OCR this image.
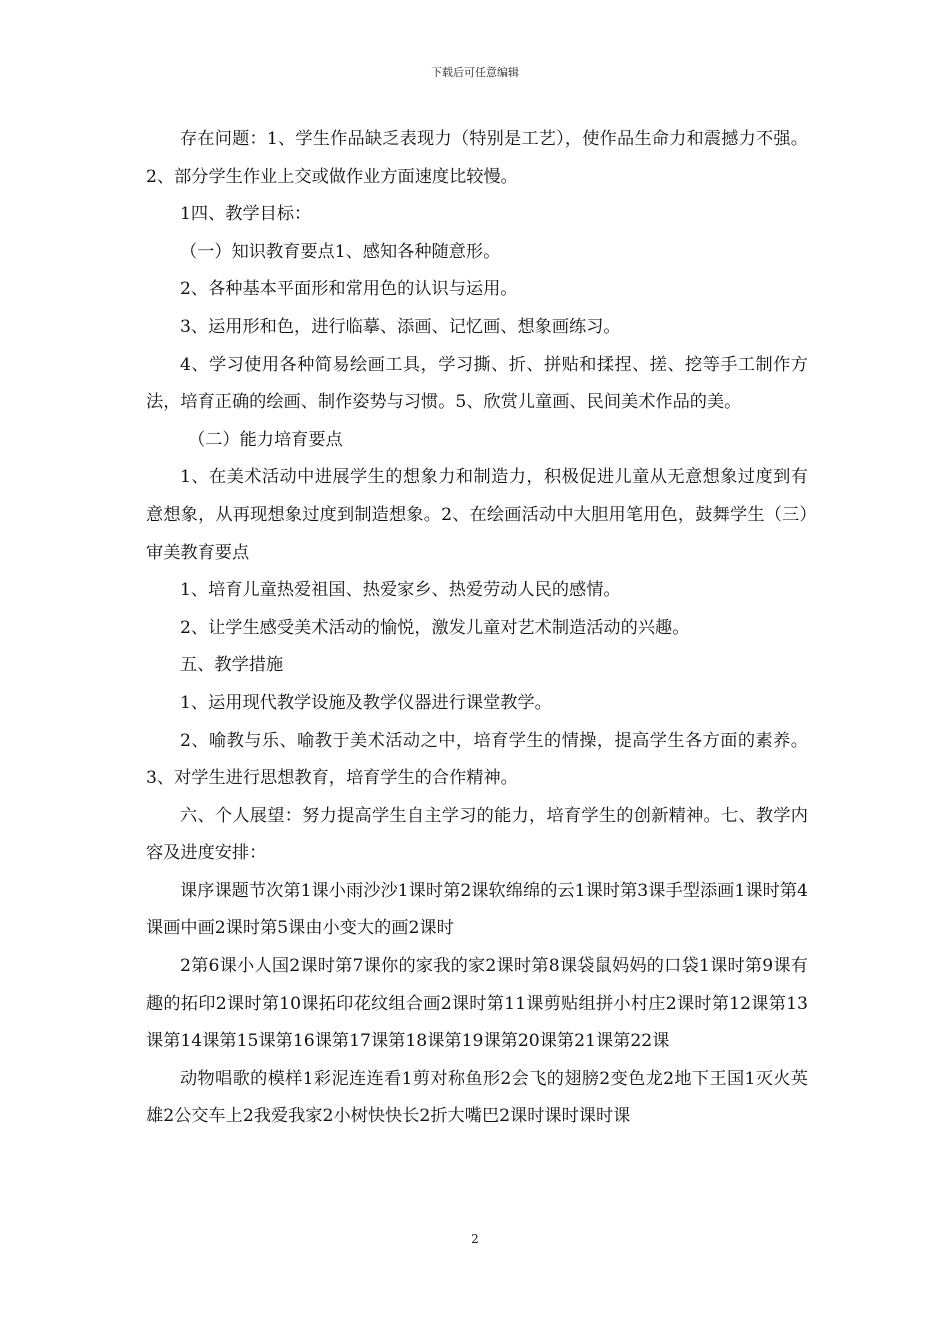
下载后可任意编辑

存在问题：1、学生作品缺乏表现力（特别是工艺），使作品生命力和震撼力不强。2、部分学生作业上交或做作业方面速度比较慢。

1四、教学目标：

（一）知识教育要点1、感知各种随意形。

2、各种基本平面形和常用色的认识与运用。

3、运用形和色，进行临摹、添画、记忆画、想象画练习。

4、学习使用各种简易绘画工具，学习撕、折、拼贴和揉捏、搓、挖等手工制作方法，培育正确的绘画、制作姿势与习惯。5、欣赏儿童画、民间美术作品的美。

（二）能力培育要点

1、在美术活动中进展学生的想象力和制造力，积极促进儿童从无意想象过度到有意想象，从再现想象过度到制造想象。2、在绘画活动中大胆用笔用色，鼓舞学生（三）审美教育要点

1、培育儿童热爱祖国、热爱家乡、热爱劳动人民的感情。

2、让学生感受美术活动的愉悦，激发儿童对艺术制造活动的兴趣。

五、教学措施

1、运用现代教学设施及教学仪器进行课堂教学。

2、喻教与乐、喻教于美术活动之中，培育学生的情操，提高学生各方面的素养。3、对学生进行思想教育，培育学生的合作精神。

六、个人展望：努力提高学生自主学习的能力，培育学生的创新精神。七、教学内容及进度安排：

课序课题节次第1课小雨沙沙1课时第2课软绵绵的云1课时第3课手型添画1课时第4课画中画2课时第5课由小变大的画2课时

2第6课小人国2课时第7课你的家我的家2课时第8课袋鼠妈妈的口袋1课时第9课有趣的拓印2课时第10课拓印花纹组合画2课时第11课剪贴组拼小村庄2课时第12课第13课第14课第15课第16课第17课第18课第19课第20课第21课第22课

动物唱歌的模样1彩泥连连看1剪对称鱼形2会飞的翅膀2变色龙2地下王国1灭火英雄2公交车上2我爱我家2小树快快长2折大嘴巴2课时课时课时课

2
